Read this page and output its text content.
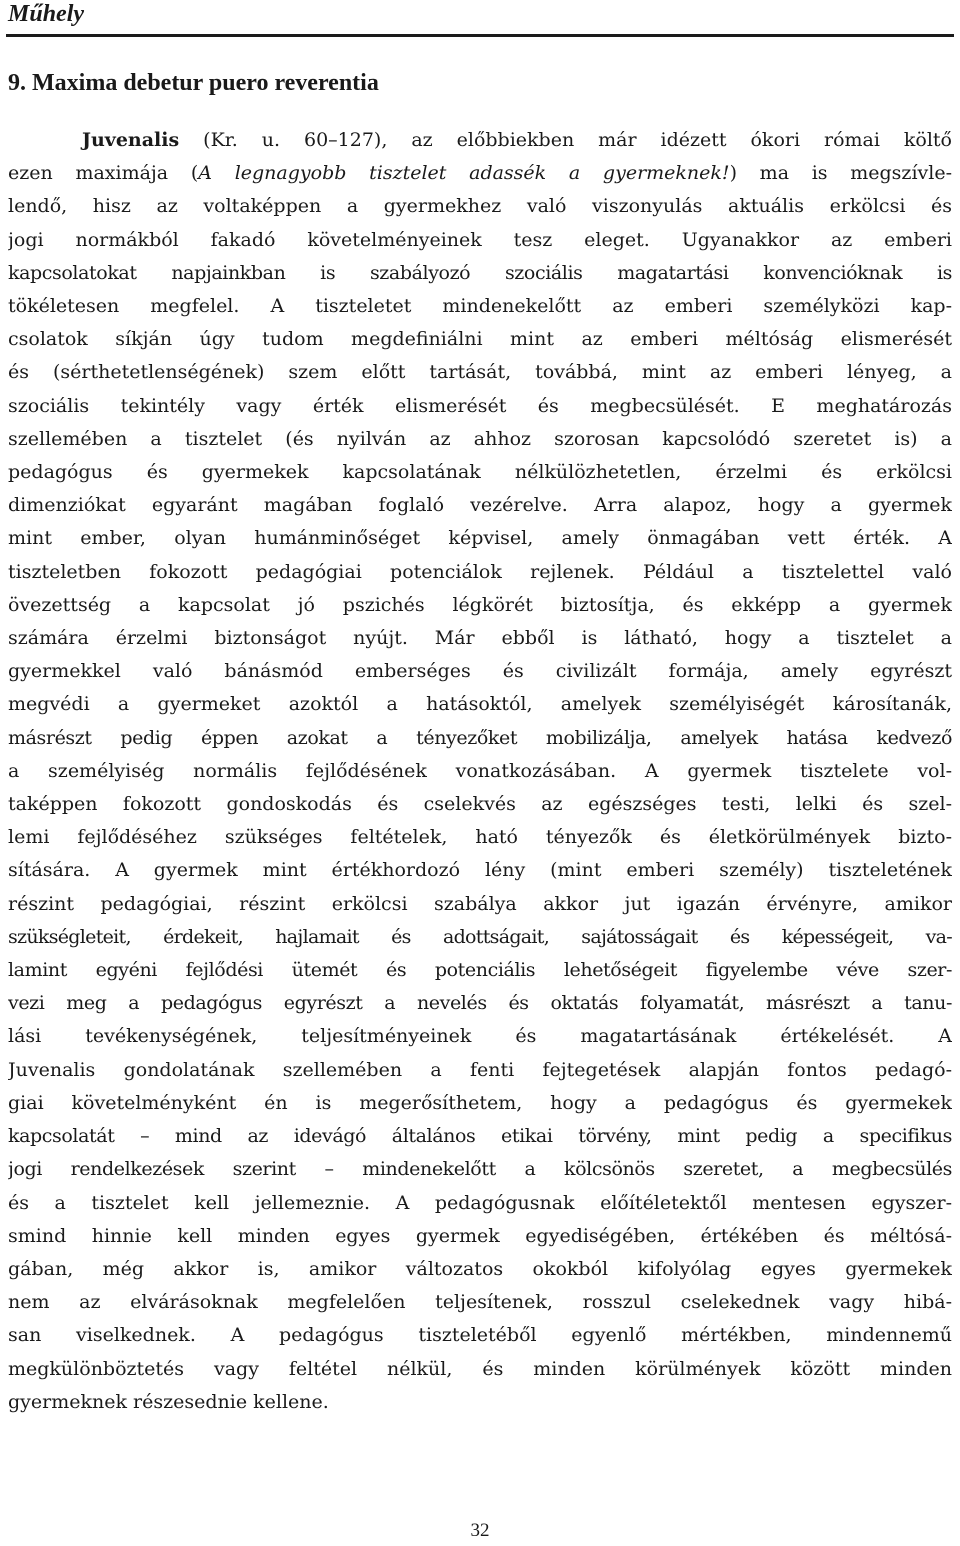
Műhely
9. Maxima debetur puero reverentia
Juvenalis (Kr. u. 60–127), az előbbiekben már idézett ókori római költő
ezen maximája (A legnagyobb tisztelet adassék a gyermeknek!) ma is megszívle-
lendő, hisz az voltaképpen a gyermekhez való viszonyulás aktuális erkölcsi és
jogi normákból fakadó követelményeinek tesz eleget. Ugyanakkor az emberi
kapcsolatokat napjainkban is szabályozó szociális magatartási konvencióknak is
tökéletesen megfelel. A tiszteletet mindenekelőtt az emberi személyközi kap-
csolatok síkján úgy tudom megdefiniálni mint az emberi méltóság elismerését
és (sérthetetlenségének) szem előtt tartását, továbbá, mint az emberi lényeg, a
szociális tekintély vagy érték elismerését és megbecsülését. E meghatározás
szellemében a tisztelet (és nyilván az ahhoz szorosan kapcsolódó szeretet is) a
pedagógus és gyermekek kapcsolatának nélkülözhetetlen, érzelmi és erkölcsi
dimenziókat egyaránt magában foglaló vezérelve. Arra alapoz, hogy a gyermek
mint ember, olyan humánminőséget képvisel, amely önmagában vett érték. A
tiszteletben fokozott pedagógiai potenciálok rejlenek. Például a tisztelettel való
övezettség a kapcsolat jó pszichés légkörét biztosítja, és ekképp a gyermek
számára érzelmi biztonságot nyújt. Már ebből is látható, hogy a tisztelet a
gyermekkel való bánásmód emberséges és civilizált formája, amely egyrészt
megvédi a gyermeket azoktól a hatásoktól, amelyek személyiségét károsítanák,
másrészt pedig éppen azokat a tényezőket mobilizálja, amelyek hatása kedvező
a személyiség normális fejlődésének vonatkozásában. A gyermek tisztelete vol-
taképpen fokozott gondoskodás és cselekvés az egészséges testi, lelki és szel-
lemi fejlődéséhez szükséges feltételek, ható tényezők és életkörülmények bizto-
sítására. A gyermek mint értékhordozó lény (mint emberi személy) tiszteletének
részint pedagógiai, részint erkölcsi szabálya akkor jut igazán érvényre, amikor
szükségleteit, érdekeit, hajlamait és adottságait, sajátosságait és képességeit, va-
lamint egyéni fejlődési ütemét és potenciális lehetőségeit figyelembe véve szer-
vezi meg a pedagógus egyrészt a nevelés és oktatás folyamatát, másrészt a tanu-
lási tevékenységének, teljesítményeinek és magatartásának értékelését. A
Juvenalis gondolatának szellemében a fenti fejtegetések alapján fontos pedagó-
giai követelményként én is megerősíthetem, hogy a pedagógus és gyermekek
kapcsolatát – mind az idevágó általános etikai törvény, mint pedig a specifikus
jogi rendelkezések szerint – mindenekelőtt a kölcsönös szeretet, a megbecsülés
és a tisztelet kell jellemeznie. A pedagógusnak előítéletektől mentesen egyszer-
smind hinnie kell minden egyes gyermek egyediségében, értékében és méltósá-
gában, még akkor is, amikor változatos okokból kifolyólag egyes gyermekek
nem az elvárásoknak megfelelően teljesítenek, rosszul cselekednek vagy hibá-
san viselkednek. A pedagógus tiszteletéből egyenlő mértékben, mindennemű
megkülönböztetés vagy feltétel nélkül, és minden körülmények között minden
gyermeknek részesednie kellene.
32
